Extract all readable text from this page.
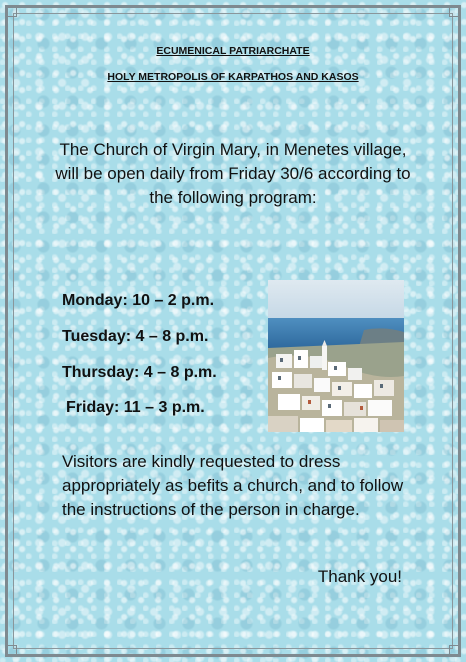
ECUMENICAL PATRIARCHATE
HOLY METROPOLIS OF KARPATHOS AND KASOS
The Church of Virgin Mary, in Menetes village, will be open daily from Friday 30/6 according to the following program:
Monday: 10 – 2 p.m.
Tuesday: 4 – 8 p.m.
Thursday: 4 – 8 p.m.
Friday: 11 – 3 p.m.
Visitors are kindly requested to dress appropriately as befits a church, and to follow the instructions of the person in charge.
Thank you!
